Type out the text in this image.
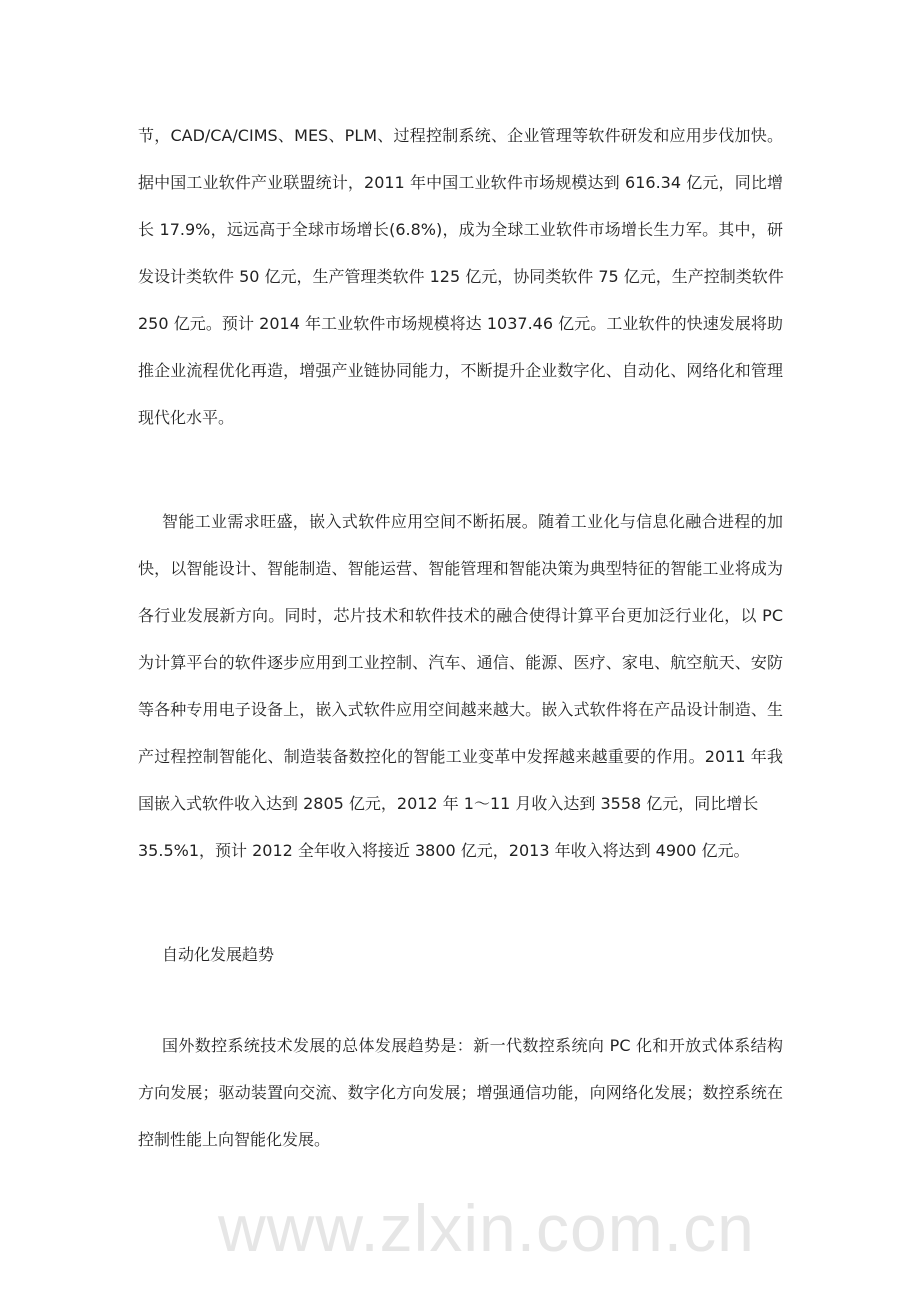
节，CAD/CA/CIMS、MES、PLM、过程控制系统、企业管理等软件研发和应用步伐加快。
据中国工业软件产业联盟统计，2011 年中国工业软件市场规模达到 616.34 亿元，同比增
长 17.9%，远远高于全球市场增长(6.8%)，成为全球工业软件市场增长生力军。其中，研
发设计类软件 50 亿元，生产管理类软件 125 亿元，协同类软件 75 亿元，生产控制类软件
250 亿元。预计 2014 年工业软件市场规模将达 1037.46 亿元。工业软件的快速发展将助
推企业流程优化再造，增强产业链协同能力，不断提升企业数字化、自动化、网络化和管理
现代化水平。
智能工业需求旺盛，嵌入式软件应用空间不断拓展。随着工业化与信息化融合进程的加
快，以智能设计、智能制造、智能运营、智能管理和智能决策为典型特征的智能工业将成为
各行业发展新方向。同时，芯片技术和软件技术的融合使得计算平台更加泛行业化，以 PC
为计算平台的软件逐步应用到工业控制、汽车、通信、能源、医疗、家电、航空航天、安防
等各种专用电子设备上，嵌入式软件应用空间越来越大。嵌入式软件将在产品设计制造、生
产过程控制智能化、制造装备数控化的智能工业变革中发挥越来越重要的作用。2011 年我
国嵌入式软件收入达到 2805 亿元，2012 年 1～11 月收入达到 3558 亿元，同比增长
35.5%1，预计 2012 全年收入将接近 3800 亿元，2013 年收入将达到 4900 亿元。
自动化发展趋势
国外数控系统技术发展的总体发展趋势是：新一代数控系统向 PC 化和开放式体系结构
方向发展；驱动装置向交流、数字化方向发展；增强通信功能，向网络化发展；数控系统在
控制性能上向智能化发展。
www.zlxin.com.cn
